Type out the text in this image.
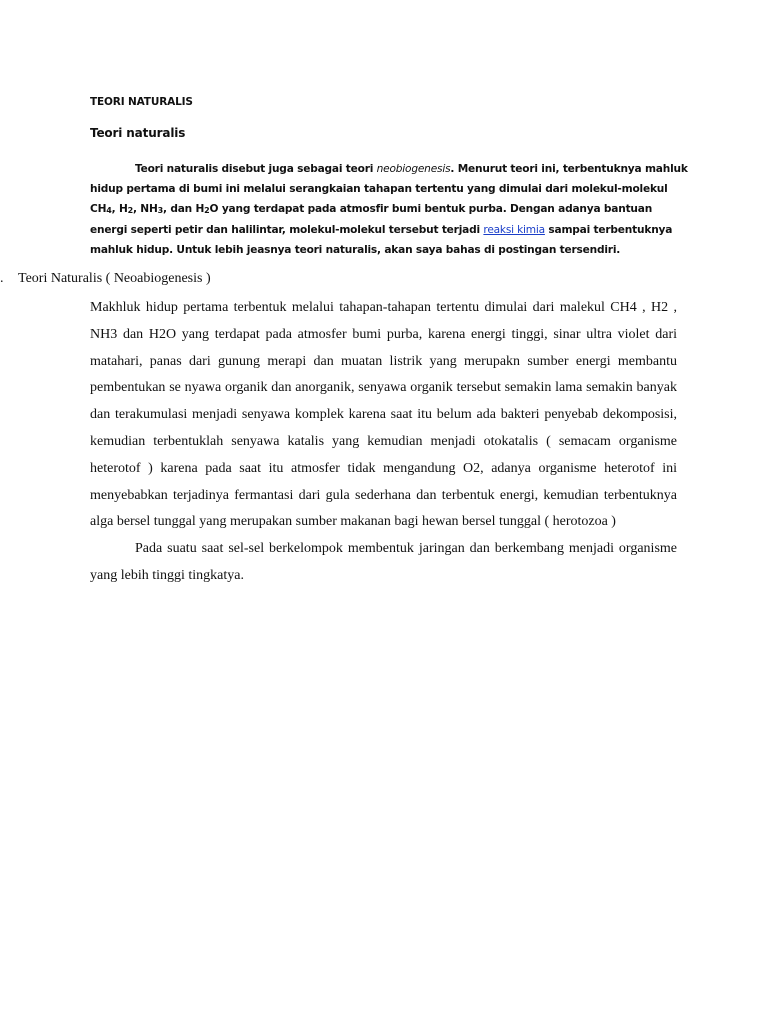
TEORI NATURALIS
Teori naturalis
Teori naturalis disebut juga sebagai teori neobiogenesis. Menurut teori ini, terbentuknya mahluk hidup pertama di bumi ini melalui serangkaian tahapan tertentu yang dimulai dari molekul-molekul $CH_4$, $H_2$, $NH_3$, dan $H_2O$ yang terdapat pada atmosfir bumi bentuk purba. Dengan adanya bantuan energi seperti petir dan halilintar, molekul-molekul tersebut terjadi reaksi kimia sampai terbentuknya mahluk hidup. Untuk lebih jeasnya teori naturalis, akan saya bahas di postingan tersendiri.
. Teori Naturalis ( Neoabiogenesis )

Makhluk hidup pertama terbentuk melalui tahapan-tahapan tertentu dimulai dari malekul CH4 , H2 , NH3 dan H2O yang terdapat pada atmosfer bumi purba, karena energi tinggi, sinar ultra violet dari matahari, panas dari gunung merapi dan muatan listrik yang merupakn sumber energi membantu pembentukan se nyawa organik dan anorganik, senyawa organik tersebut semakin lama semakin banyak dan terakumulasi menjadi senyawa komplek karena saat itu belum ada bakteri penyebab dekomposisi, kemudian terbentuklah senyawa katalis yang kemudian menjadi otokatalis ( semacam organisme heterotof ) karena pada saat itu atmosfer tidak mengandung O2, adanya organisme heterotof ini menyebabkan terjadinya fermantasi dari gula sederhana dan terbentuk energi, kemudian terbentuknya alga bersel tunggal yang merupakan sumber makanan bagi hewan bersel tunggal ( herotozoa )

Pada suatu saat sel-sel berkelompok membentuk jaringan dan berkembang menjadi organisme yang lebih tinggi tingkatya.
